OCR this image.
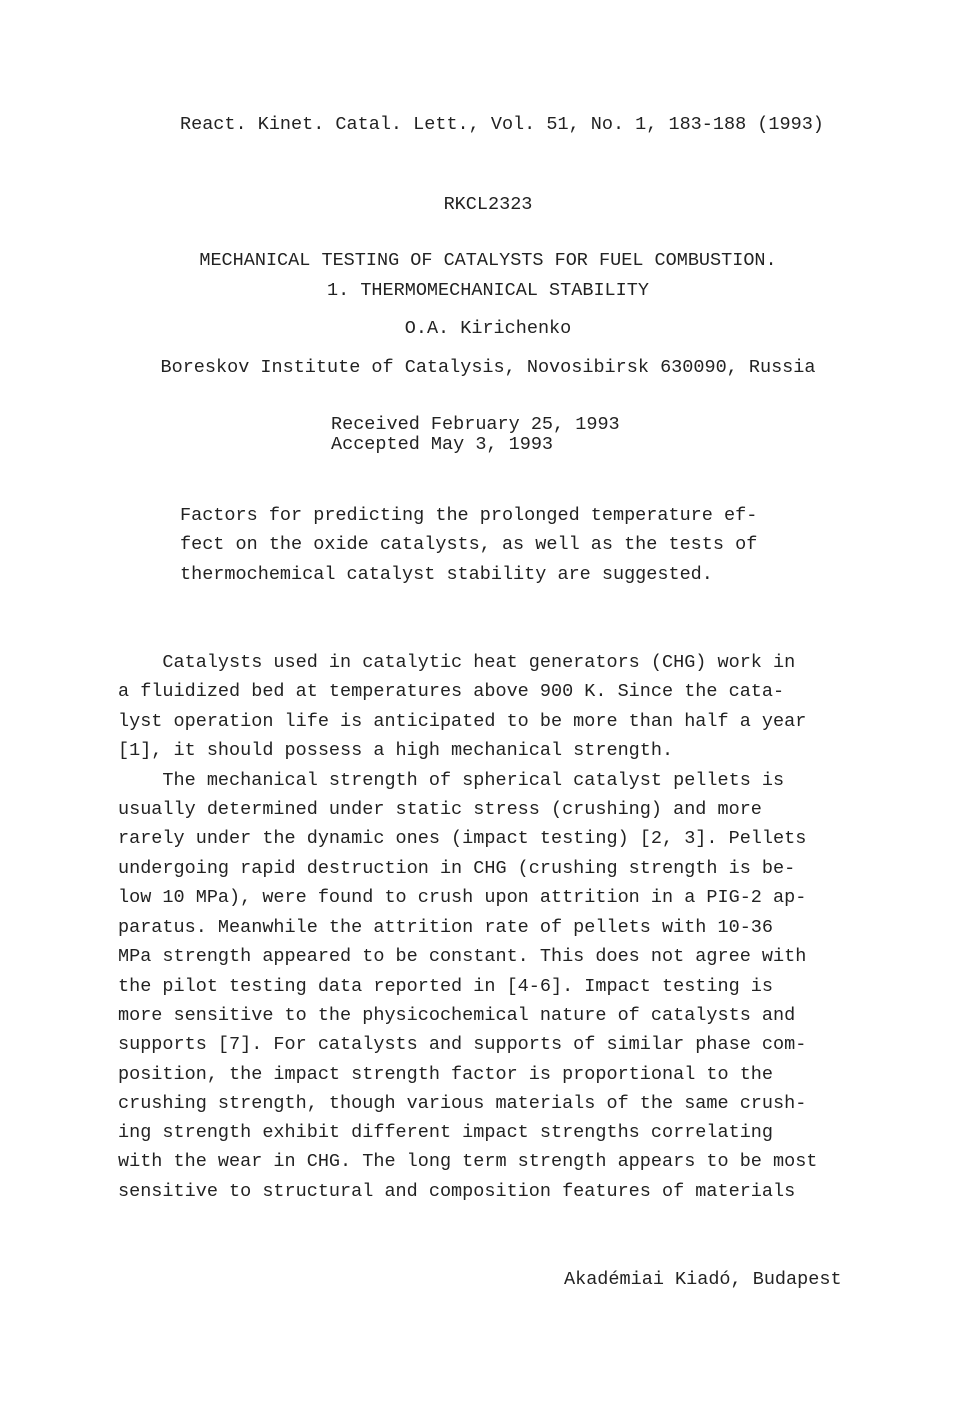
React. Kinet. Catal. Lett., Vol. 51, No. 1, 183-188 (1993)

RKCL2323

MECHANICAL TESTING OF CATALYSTS FOR FUEL COMBUSTION.

1. THERMOMECHANICAL STABILITY

O.A. Kirichenko

Boreskov Institute of Catalysis, Novosibirsk 630090, Russia

Received February 25, 1993

Accepted May 3, 1993

Factors for predicting the prolonged temperature ef-

fect on the oxide catalysts, as well as the tests of

thermochemical catalyst stability are suggested.

Catalysts used in catalytic heat generators (CHG) work in

a fluidized bed at temperatures above 900 K. Since the cata-

lyst operation life is anticipated to be more than half a year

[1], it should possess a high mechanical strength.

The mechanical strength of spherical catalyst pellets is

usually determined under static stress (crushing) and more

rarely under the dynamic ones (impact testing) [2, 3]. Pellets

undergoing rapid destruction in CHG (crushing strength is be-

low 10 MPa), were found to crush upon attrition in a PIG-2 ap-

paratus. Meanwhile the attrition rate of pellets with 10-36

MPa strength appeared to be constant. This does not agree with

the pilot testing data reported in [4-6]. Impact testing is

more sensitive to the physicochemical nature of catalysts and

supports [7]. For catalysts and supports of similar phase com-

position, the impact strength factor is proportional to the

crushing strength, though various materials of the same crush-

ing strength exhibit different impact strengths correlating

with the wear in CHG. The long term strength appears to be most

sensitive to structural and composition features of materials

Akadémiai Kiadó, Budapest
